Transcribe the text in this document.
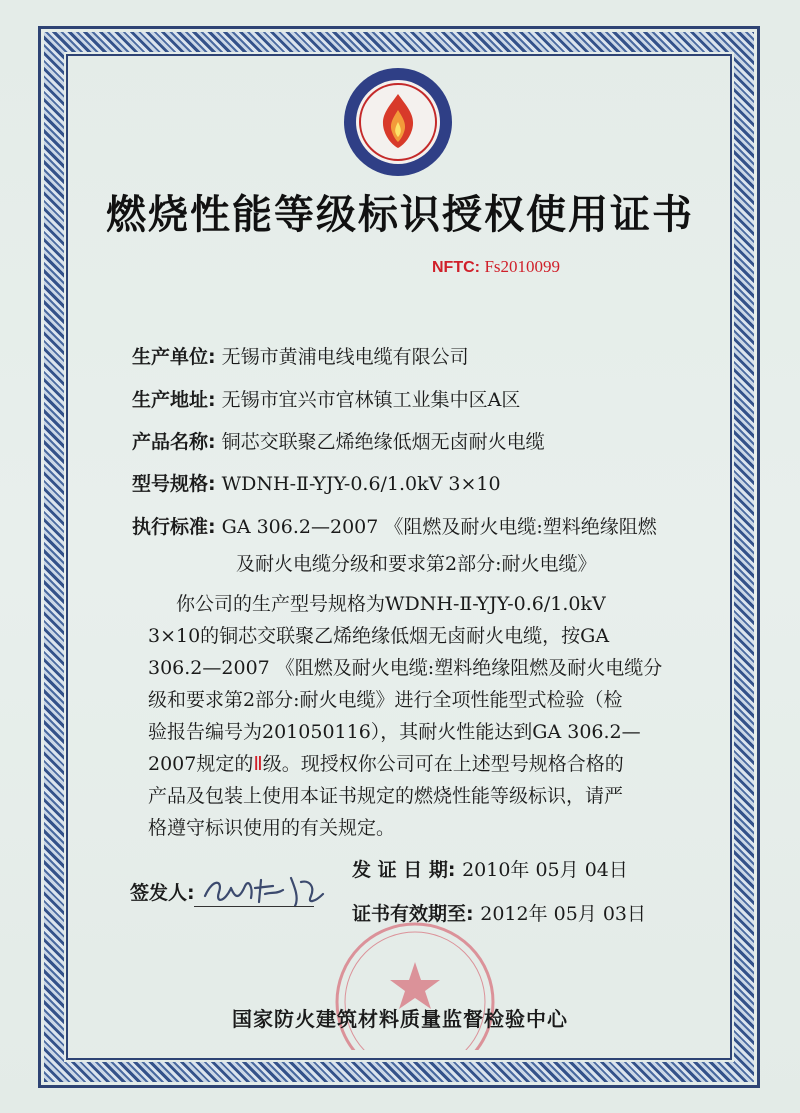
燃烧性能等级标识授权使用证书
NFTC: Fs2010099
生产单位: 无锡市黄浦电线电缆有限公司
生产地址: 无锡市宜兴市官林镇工业集中区A区
产品名称: 铜芯交联聚乙烯绝缘低烟无卤耐火电缆
型号规格: WDNH-Ⅱ-YJY-0.6/1.0kV 3×10
执行标准: GA 306.2—2007 《阻燃及耐火电缆:塑料绝缘阻燃
及耐火电缆分级和要求第2部分:耐火电缆》
你公司的生产型号规格为WDNH-Ⅱ-YJY-0.6/1.0kV
3×10的铜芯交联聚乙烯绝缘低烟无卤耐火电缆，按GA
306.2—2007 《阻燃及耐火电缆:塑料绝缘阻燃及耐火电缆分
级和要求第2部分:耐火电缆》进行全项性能型式检验（检
验报告编号为201050116），其耐火性能达到GA 306.2—
2007规定的Ⅱ级。现授权你公司可在上述型号规格合格的
产品及包装上使用本证书规定的燃烧性能等级标识，请严
格遵守标识使用的有关规定。
签发人:
发 证 日 期: 2010年 05月 04日
证书有效期至: 2012年 05月 03日
国家防火建筑材料质量监督检验中心
